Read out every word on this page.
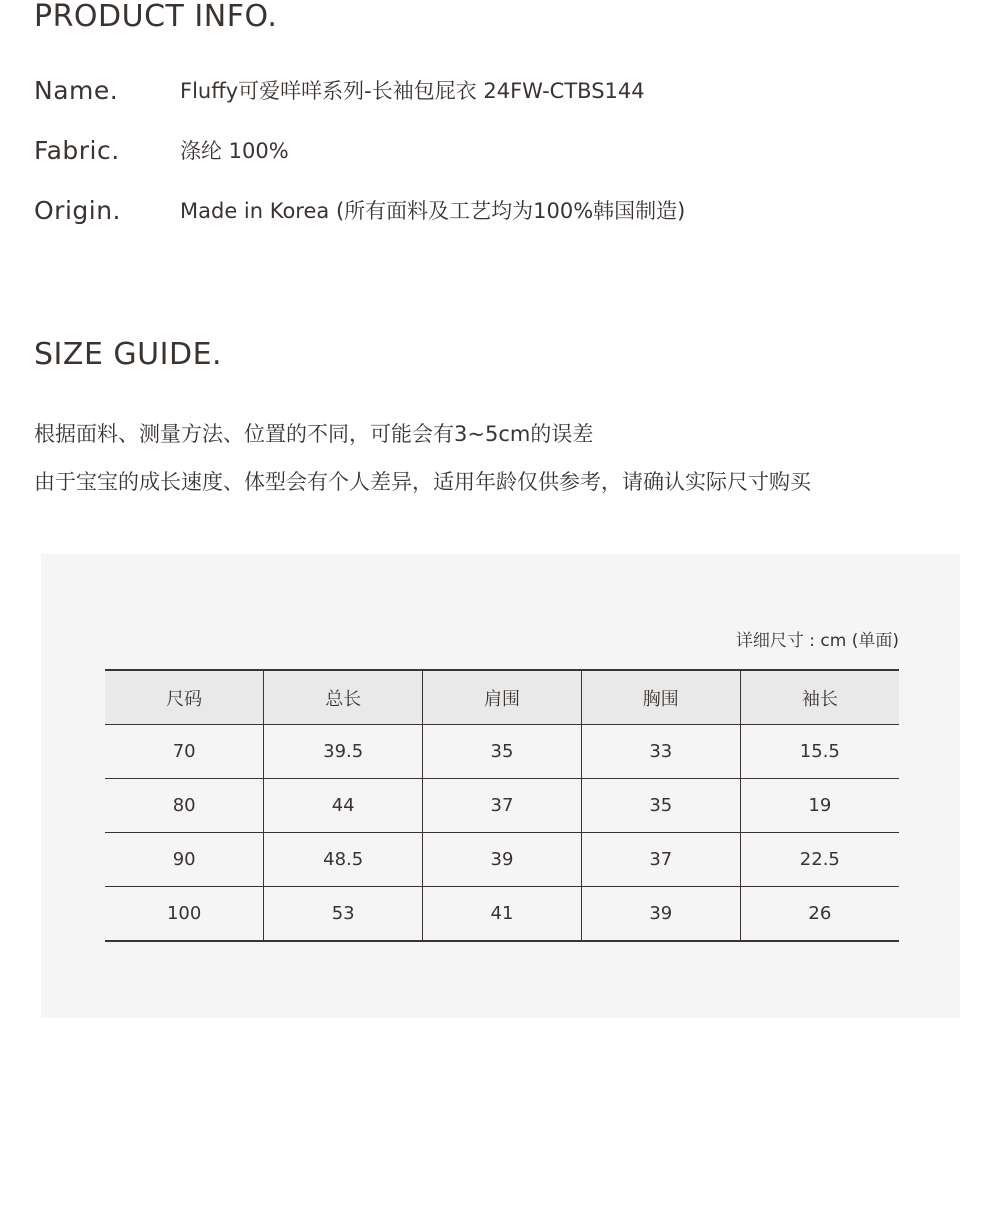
PRODUCT INFO.
Name.	Fluffy可爱咩咩系列-长袖包屁衣 24FW-CTBS144
Fabric.	涤纶 100%
Origin.	Made in Korea (所有面料及工艺均为100%韩国制造)
SIZE GUIDE.
根据面料、测量方法、位置的不同，可能会有3~5cm的误差
由于宝宝的成长速度、体型会有个人差异，适用年龄仅供参考，请确认实际尺寸购买
详细尺寸 : cm (单面)
尺码	总长	肩围	胸围	袖长
70	39.5	35	33	15.5
80	44	37	35	19
90	48.5	39	37	22.5
100	53	41	39	26
